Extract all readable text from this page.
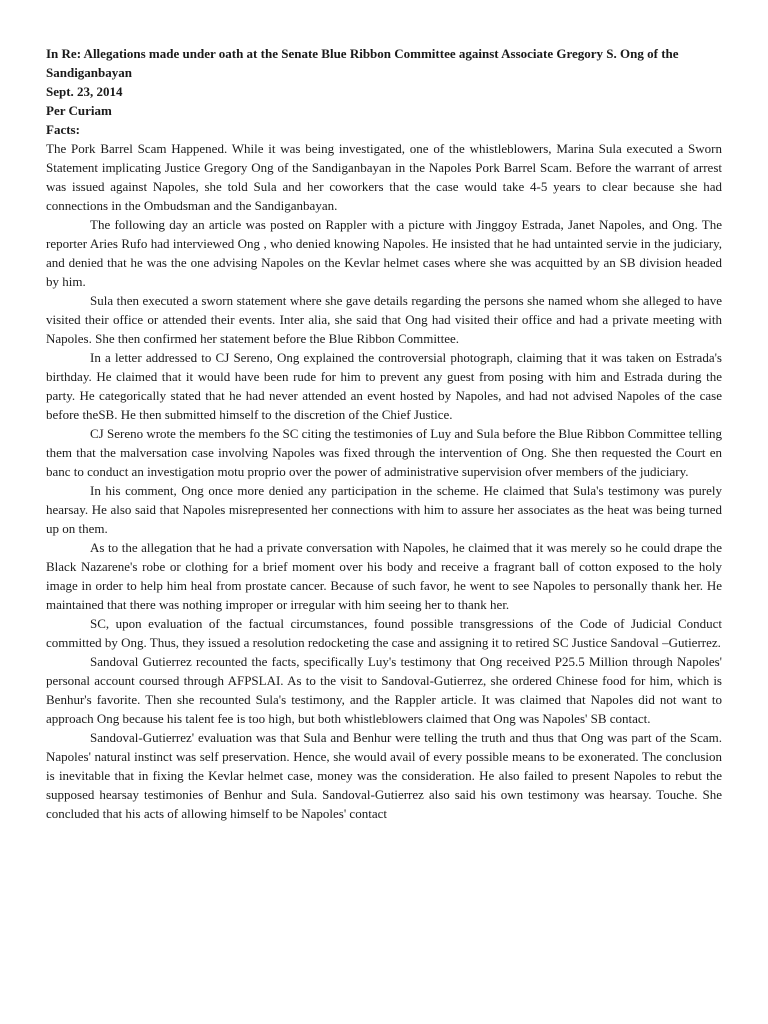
In Re: Allegations made under oath at the Senate Blue Ribbon Committee against Associate Gregory S. Ong of the Sandiganbayan

Sept. 23, 2014

Per Curiam

Facts:

The Pork Barrel Scam Happened. While it was being investigated, one of the whistleblowers, Marina Sula executed a Sworn Statement implicating Justice Gregory Ong of the Sandiganbayan in the Napoles Pork Barrel Scam. Before the warrant of arrest was issued against Napoles, she told Sula and her coworkers that the case would take 4-5 years to clear because she had connections in the Ombudsman and the Sandiganbayan.

The following day an article was posted on Rappler with a picture with Jinggoy Estrada, Janet Napoles, and Ong. The reporter Aries Rufo had interviewed Ong , who denied knowing Napoles. He insisted that he had untainted servie in the judiciary, and denied that he was the one advising Napoles on the Kevlar helmet cases where she was acquitted by an SB division headed by him.

Sula then executed a sworn statement where she gave details regarding the persons she named whom she alleged to have visited their office or attended their events. Inter alia, she said that Ong had visited their office and had a private meeting with Napoles. She then confirmed her statement before the Blue Ribbon Committee.

In a letter addressed to CJ Sereno, Ong explained the controversial photograph, claiming that it was taken on Estrada's birthday. He claimed that it would have been rude for him to prevent any guest from posing with him and Estrada during the party. He categorically stated that he had never attended an event hosted by Napoles, and had not advised Napoles of the case before theSB. He then submitted himself to the discretion of the Chief Justice.

CJ Sereno wrote the members fo the SC citing the testimonies of Luy and Sula before the Blue Ribbon Committee telling them that the malversation case involving Napoles was fixed through the intervention of Ong. She then requested the Court en banc to conduct an investigation motu proprio over the power of administrative supervision ofver members of the judiciary.

In his comment, Ong once more denied any participation in the scheme. He claimed that Sula's testimony was purely hearsay. He also said that Napoles misrepresented her connections with him to assure her associates as the heat was being turned up on them.

As to the allegation that he had a private conversation with Napoles, he claimed that it was merely so he could drape the Black Nazarene's robe or clothing for a brief moment over his body and receive a fragrant ball of cotton exposed to the holy image in order to help him heal from prostate cancer. Because of such favor, he went to see Napoles to personally thank her. He maintained that there was nothing improper or irregular with him seeing her to thank her.

SC, upon evaluation of the factual circumstances, found possible transgressions of the Code of Judicial Conduct committed by Ong. Thus, they issued a resolution redocketing the case and assigning it to retired SC Justice Sandoval –Gutierrez.

Sandoval Gutierrez recounted the facts, specifically Luy's testimony that Ong received P25.5 Million through Napoles' personal account coursed through AFPSLAI. As to the visit to Sandoval-Gutierrez, she ordered Chinese food for him, which is Benhur's favorite. Then she recounted Sula's testimony, and the Rappler article. It was claimed that Napoles did not want to approach Ong because his talent fee is too high, but both whistleblowers claimed that Ong was Napoles' SB contact.

Sandoval-Gutierrez' evaluation was that Sula and Benhur were telling the truth and thus that Ong was part of the Scam. Napoles' natural instinct was self preservation. Hence, she would avail of every possible means to be exonerated. The conclusion is inevitable that in fixing the Kevlar helmet case, money was the consideration. He also failed to present Napoles to rebut the supposed hearsay testimonies of Benhur and Sula. Sandoval-Gutierrez also said his own testimony was hearsay. Touche. She concluded that his acts of allowing himself to be Napoles' contact
